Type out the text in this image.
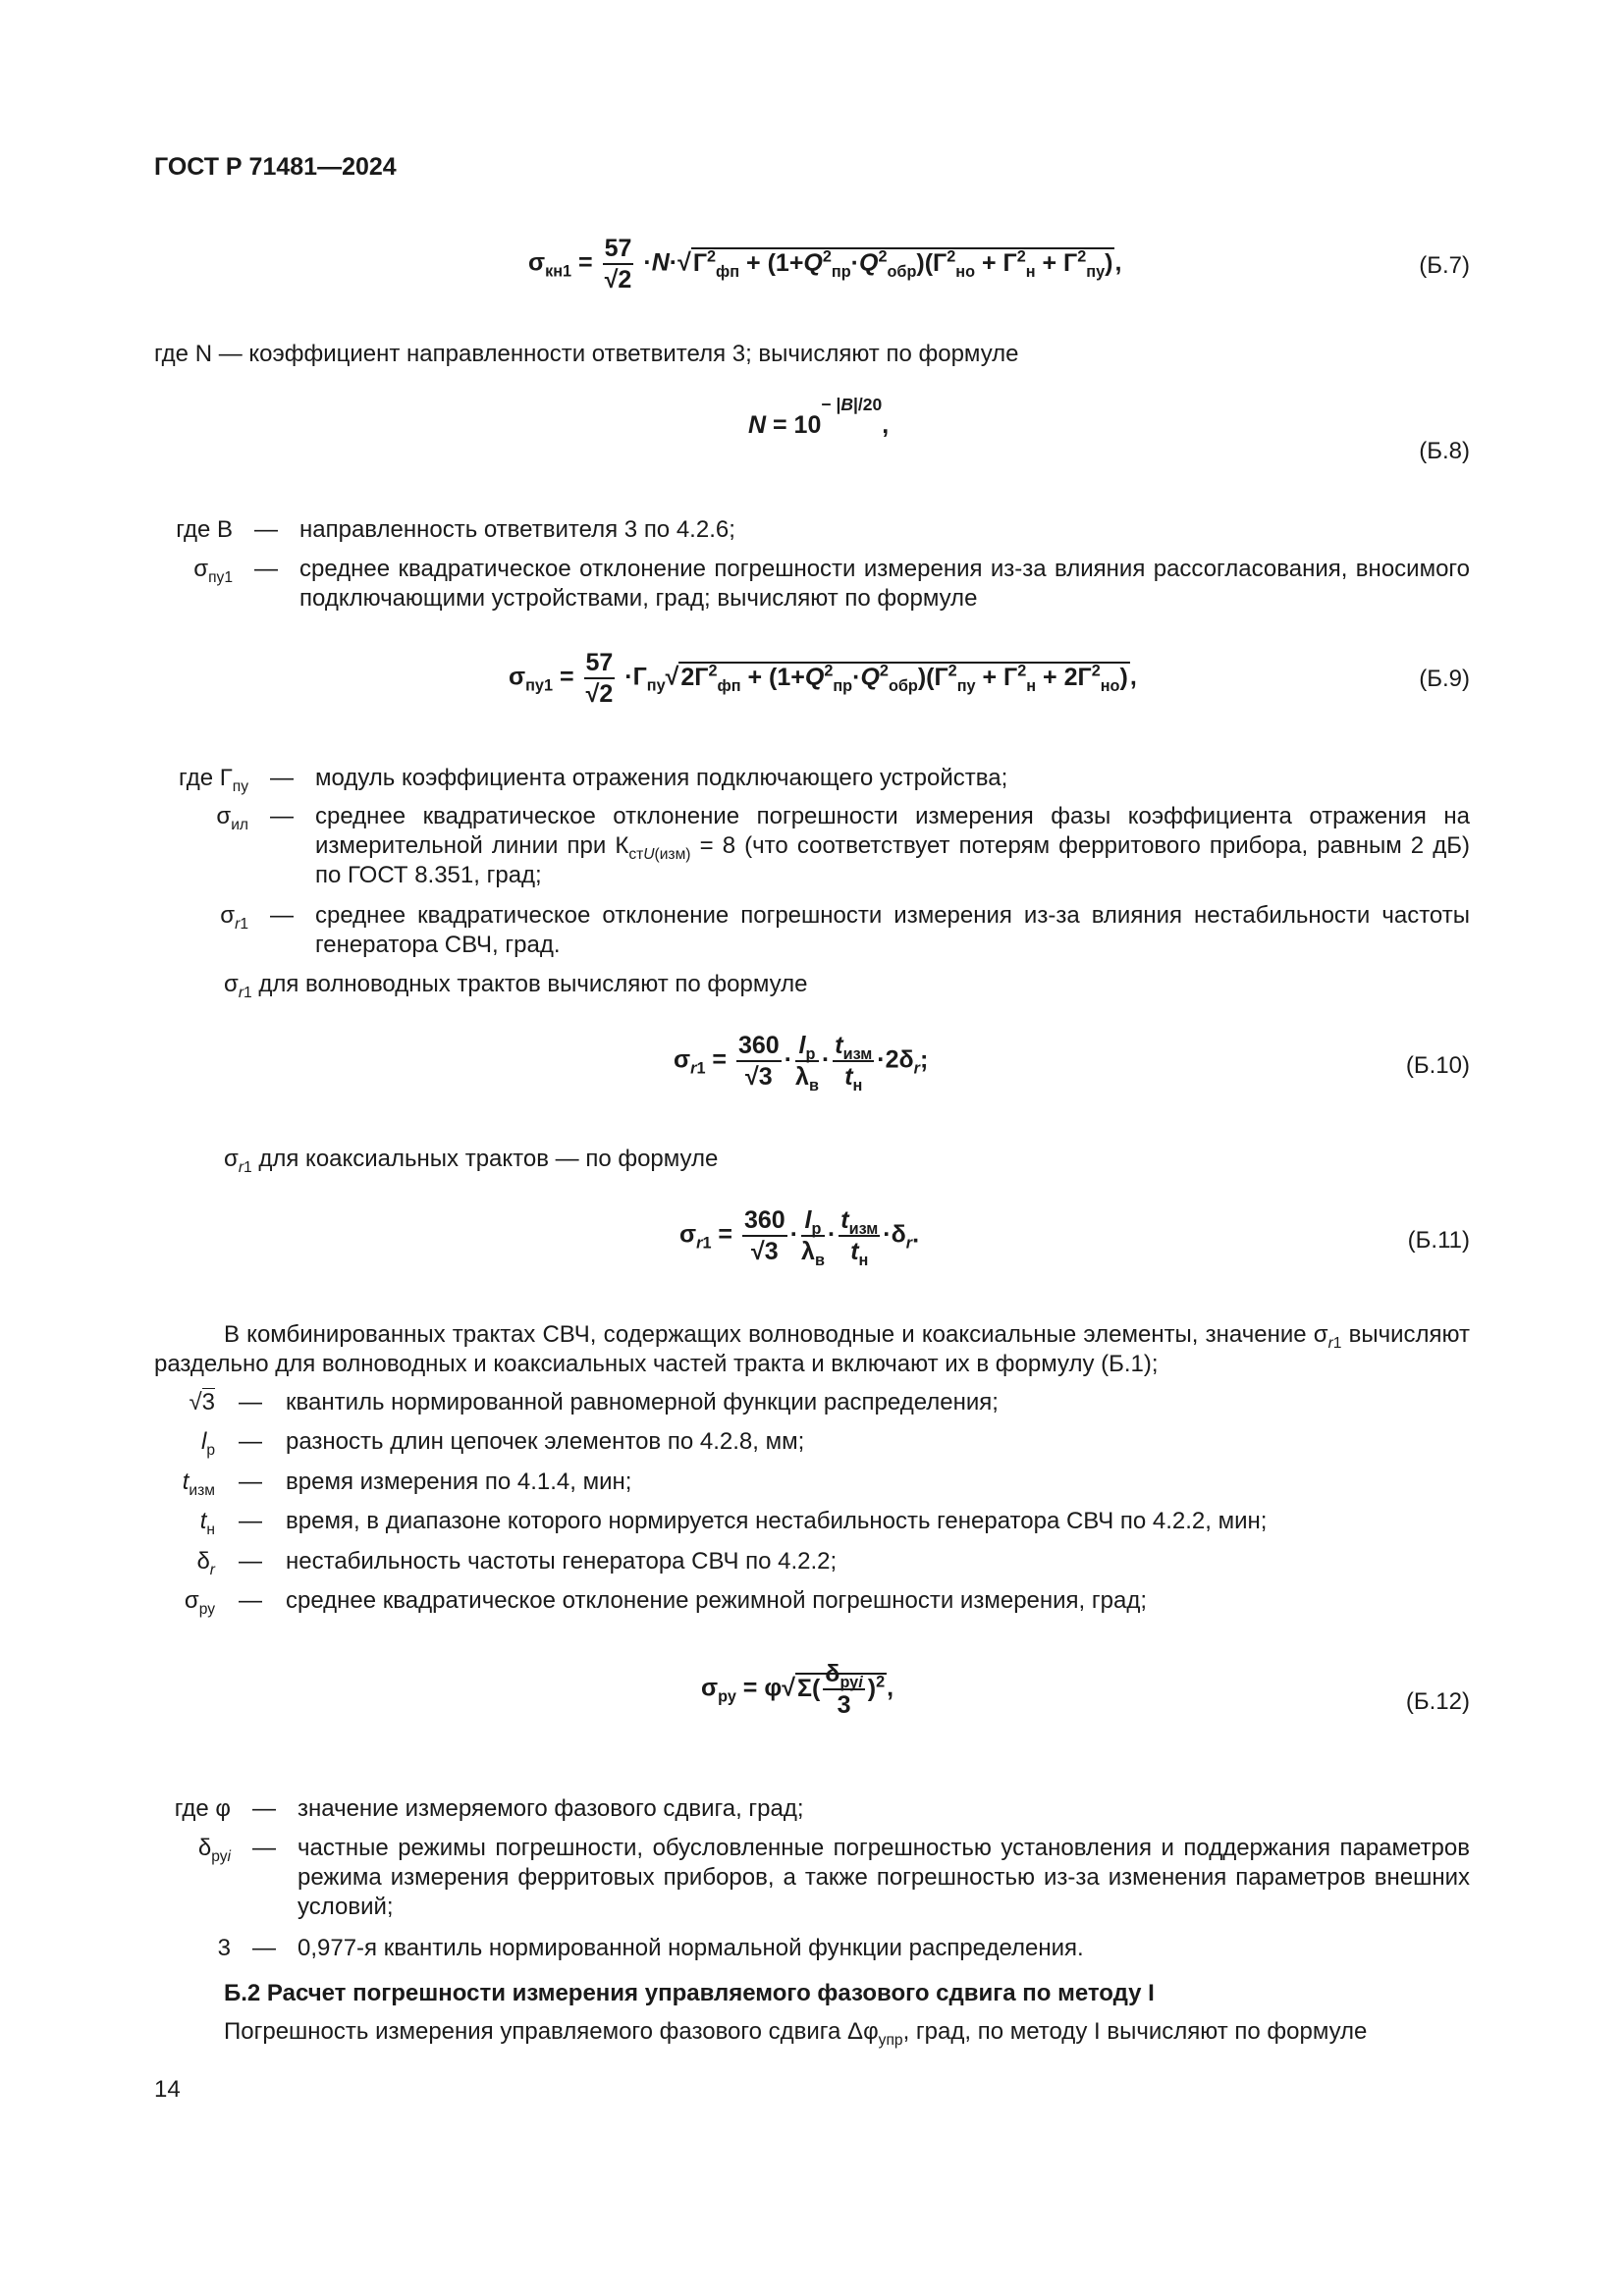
ГОСТ Р 71481—2024
$\sigma_{кн1} = \frac{57}{√2} \cdot N\cdot√Г^2_{фп} + (1+Q^2_{пр}\cdot Q^2_{обр})(Г^2_{но} + Г^2_н + Г^2_{пу})$,	(Б.7)
где N — коэффициент направленности ответвителя 3; вычисляют по формуле
$N = 10^{- |B|/20}$,
(Б.8)
где B — направленность ответвителя 3 по 4.2.6;
$\sigma_{пу1}$ — среднее квадратическое отклонение погрешности измерения из-за влияния рассогласования, вносимого подключающими устройствами, град; вычисляют по формуле
$\sigma_{пу1} = \frac{57}{√2} \cdot Г_{пу}√2Г^2_{фп} + (1+Q^2_{пр}\cdot Q^2_{обр})(Г^2_{пу} + Г^2_н + 2Г^2_{но})$,	(Б.9)
где $Г_{пу}$ — модуль коэффициента отражения подключающего устройства;
$\sigma_{ил}$ — среднее квадратическое отклонение погрешности измерения фазы коэффициента отражения на измерительной линии при $К_{стU(изм)} = 8$ (что соответствует потерям ферритового прибора, равным 2 дБ) по ГОСТ 8.351, град;
$\sigma_{r1}$ — среднее квадратическое отклонение погрешности измерения из-за влияния нестабильности частоты генератора СВЧ, град.
$\sigma_{r1}$ для волноводных трактов вычисляют по формуле
$\sigma_{r1} = \frac{360}{√3} \cdot \frac{l_р}{\lambda_в} \cdot \frac{t_{изм}}{t_н} \cdot 2\delta_r$;	(Б.10)
$\sigma_{r1}$ для коаксиальных трактов — по формуле
$\sigma_{r1} = \frac{360}{√3} \cdot \frac{l_р}{\lambda_в} \cdot \frac{t_{изм}}{t_н} \cdot\delta_r$.	(Б.11)
В комбинированных трактах СВЧ, содержащих волноводные и коаксиальные элементы, значение $\sigma_{r1}$ вычисляют раздельно для волноводных и коаксиальных частей тракта и включают их в формулу (Б.1);
√3	—	квантиль нормированной равномерной функции распределения;
$l_р$	—	разность длин цепочек элементов по 4.2.8, мм;
$t_{изм}$	—	время измерения по 4.1.4, мин;
$t_н$	—	время, в диапазоне которого нормируется нестабильность генератора СВЧ по 4.2.2, мин;
$\delta_r$	—	нестабильность частоты генератора СВЧ по 4.2.2;
$\sigma_{ру}$	—	среднее квадратическое отклонение режимной погрешности измерения, град;
$\sigma_{ру} = \varphi√\Sigma( \frac{\delta_{руi}}{3} )^2$,	(Б.12)
где φ — значение измеряемого фазового сдвига, град;
$\delta_{руi}$ — частные режимы погрешности, обусловленные погрешностью установления и поддержания параметров режима измерения ферритовых приборов, а также погрешностью из-за изменения параметров внешних условий;
3 — 0,977-я квантиль нормированной нормальной функции распределения.
Б.2 Расчет погрешности измерения управляемого фазового сдвига по методу I
Погрешность измерения управляемого фазового сдвига $\Delta\varphi_{упр}$, град, по методу I вычисляют по формуле
14
